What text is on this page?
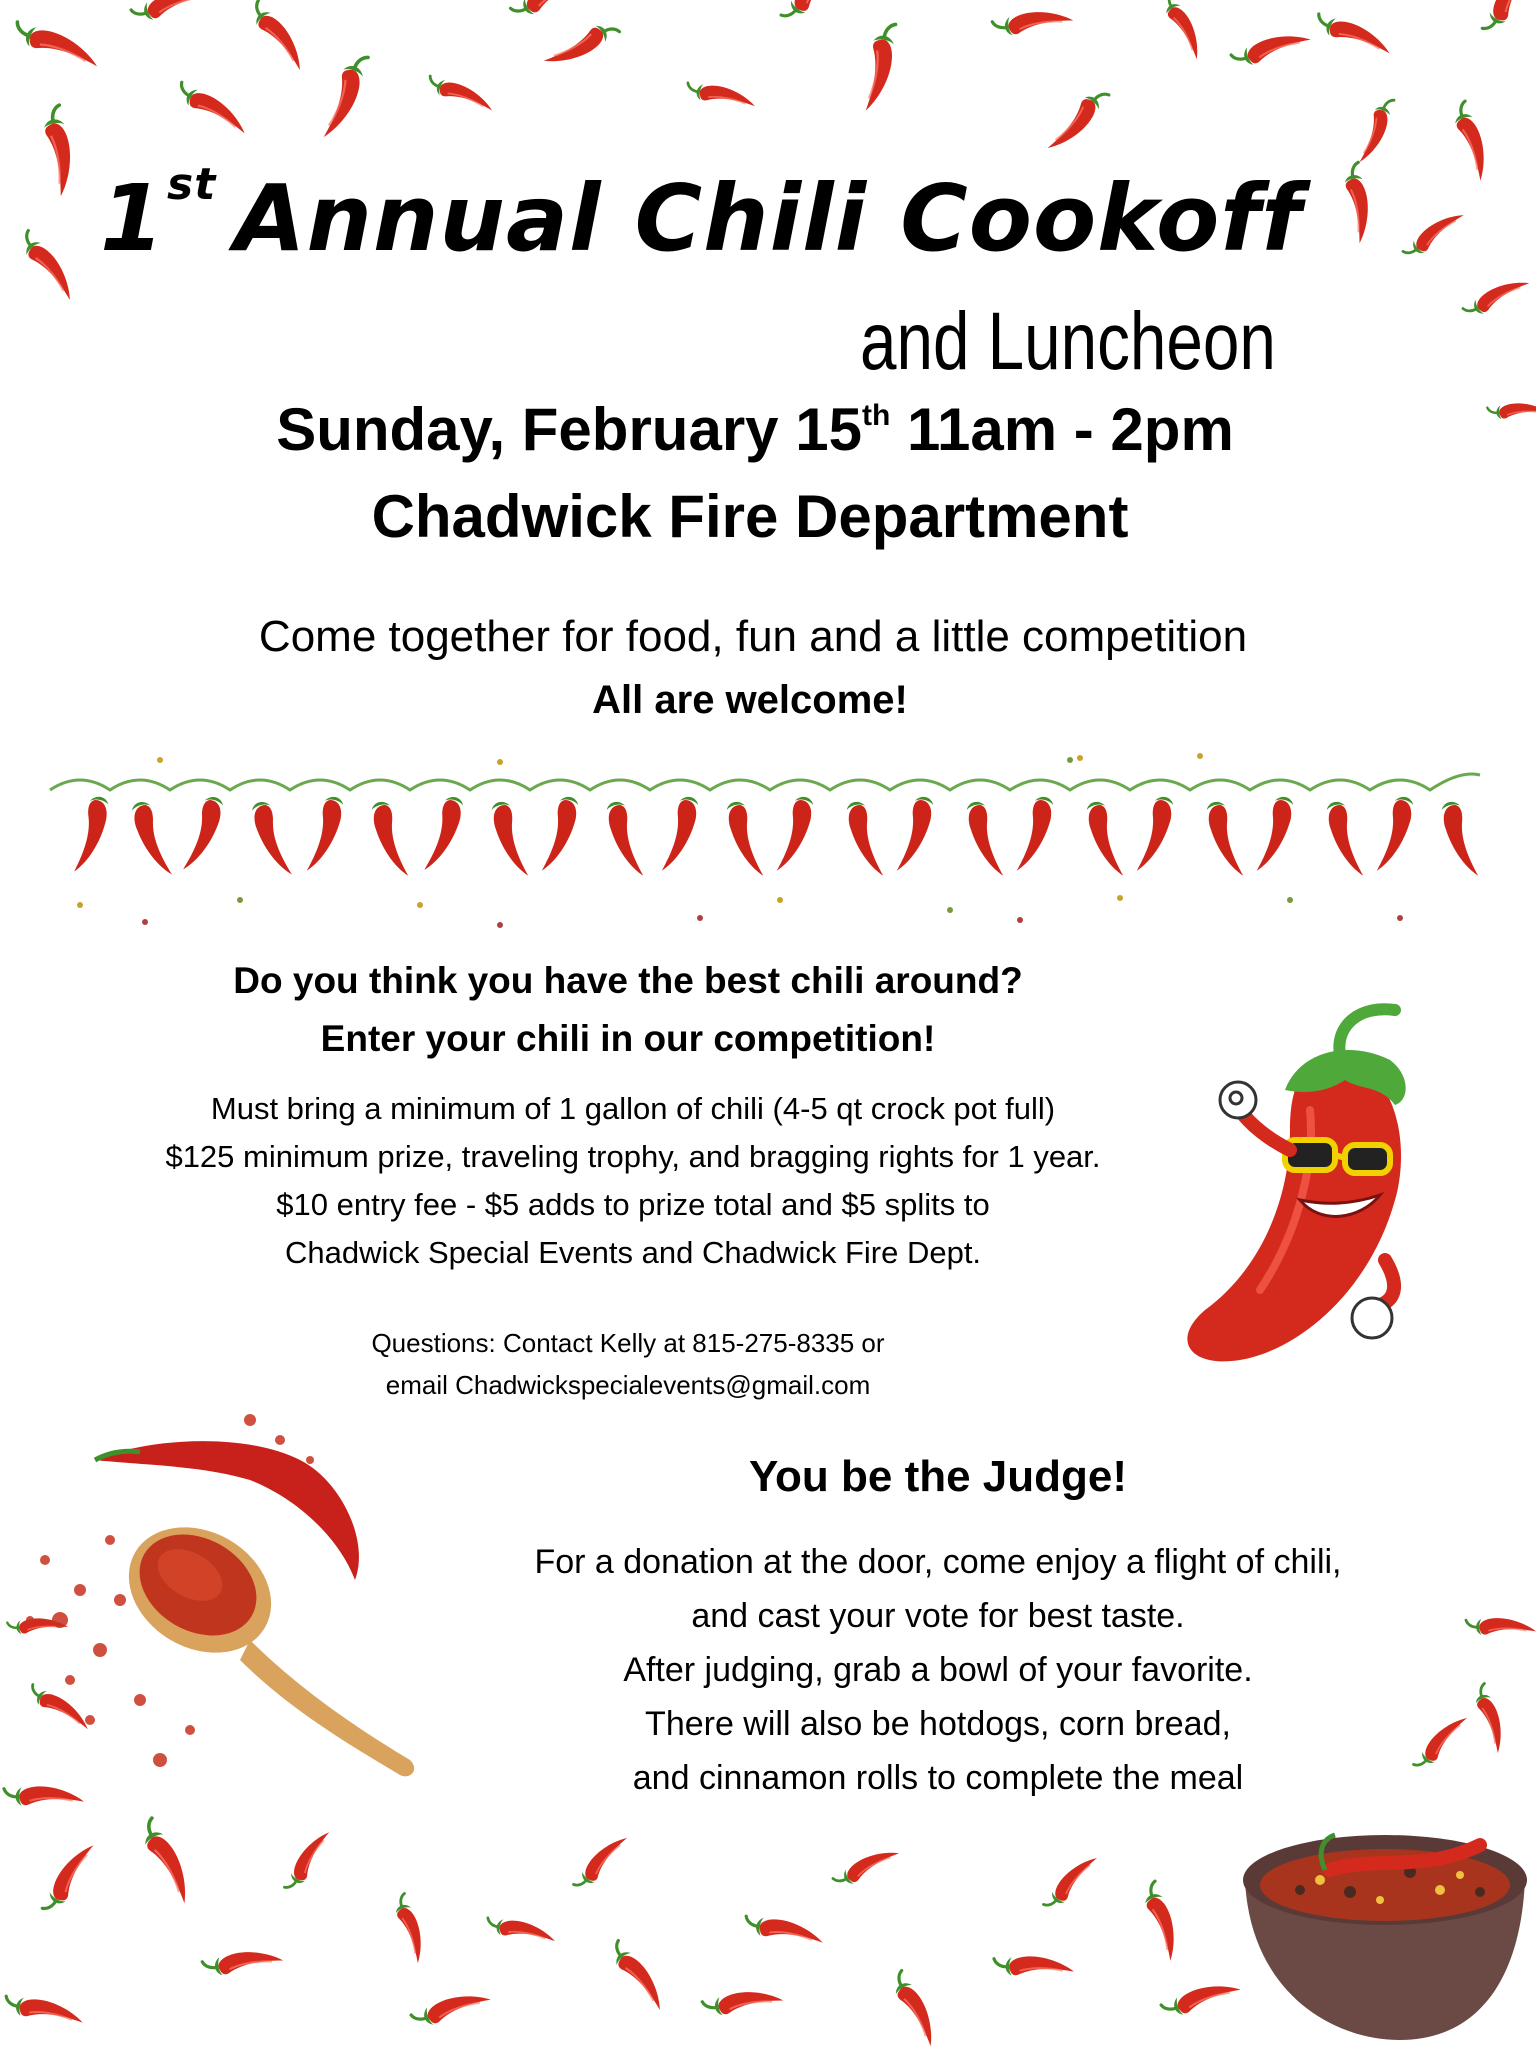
1st Annual Chili Cookoff
and Luncheon
Sunday, February 15th 11am - 2pm
Chadwick Fire Department
Come together for food, fun and a little competition
All are welcome!
Do you think you have the best chili around?
Enter your chili in our competition!
Must bring a minimum of 1 gallon of chili (4-5 qt crock pot full)
$125 minimum prize, traveling trophy, and bragging rights for 1 year.
$10 entry fee - $5 adds to prize total and $5 splits to
Chadwick Special Events and Chadwick Fire Dept.
Questions: Contact Kelly at 815-275-8335 or
email Chadwickspecialevents@gmail.com
You be the Judge!
For a donation at the door, come enjoy a flight of chili,
and cast your vote for best taste.
After judging, grab a bowl of your favorite.
There will also be hotdogs, corn bread,
and cinnamon rolls to complete the meal
